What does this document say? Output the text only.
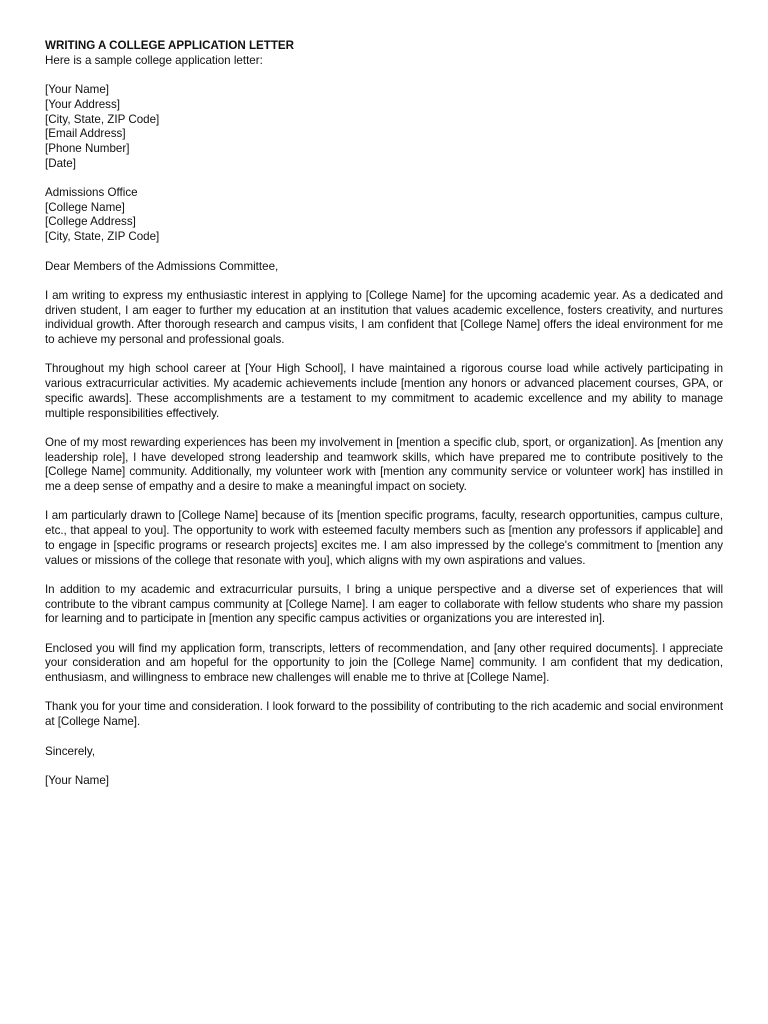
WRITING A COLLEGE APPLICATION LETTER

Here is a sample college application letter:

[Your Name]

[Your Address]

[City, State, ZIP Code]

[Email Address]

[Phone Number]

[Date]

Admissions Office

[College Name]

[College Address]

[City, State, ZIP Code]

Dear Members of the Admissions Committee,

I am writing to express my enthusiastic interest in applying to [College Name] for the upcoming academic year. As a dedicated and driven student, I am eager to further my education at an institution that values academic excellence, fosters creativity, and nurtures individual growth. After thorough research and campus visits, I am confident that [College Name] offers the ideal environment for me to achieve my personal and professional goals.

Throughout my high school career at [Your High School], I have maintained a rigorous course load while actively participating in various extracurricular activities. My academic achievements include [mention any honors or advanced placement courses, GPA, or specific awards]. These accomplishments are a testament to my commitment to academic excellence and my ability to manage multiple responsibilities effectively.

One of my most rewarding experiences has been my involvement in [mention a specific club, sport, or organization]. As [mention any leadership role], I have developed strong leadership and teamwork skills, which have prepared me to contribute positively to the [College Name] community. Additionally, my volunteer work with [mention any community service or volunteer work] has instilled in me a deep sense of empathy and a desire to make a meaningful impact on society.

I am particularly drawn to [College Name] because of its [mention specific programs, faculty, research opportunities, campus culture, etc., that appeal to you]. The opportunity to work with esteemed faculty members such as [mention any professors if applicable] and to engage in [specific programs or research projects] excites me. I am also impressed by the college's commitment to [mention any values or missions of the college that resonate with you], which aligns with my own aspirations and values.

In addition to my academic and extracurricular pursuits, I bring a unique perspective and a diverse set of experiences that will contribute to the vibrant campus community at [College Name]. I am eager to collaborate with fellow students who share my passion for learning and to participate in [mention any specific campus activities or organizations you are interested in].

Enclosed you will find my application form, transcripts, letters of recommendation, and [any other required documents]. I appreciate your consideration and am hopeful for the opportunity to join the [College Name] community. I am confident that my dedication, enthusiasm, and willingness to embrace new challenges will enable me to thrive at [College Name].

Thank you for your time and consideration. I look forward to the possibility of contributing to the rich academic and social environment at [College Name].

Sincerely,

[Your Name]
